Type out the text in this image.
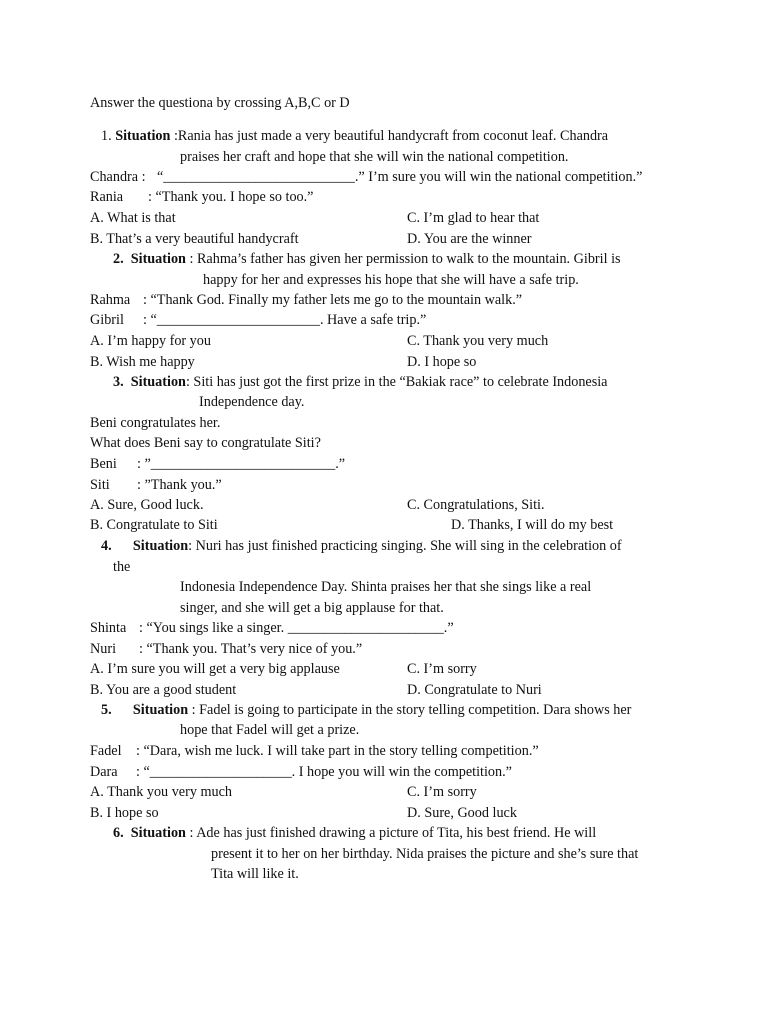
Answer the questiona by crossing A,B,C or D
1. Situation :Rania has just made a very beautiful handycraft from coconut leaf. Chandra
praises her craft and hope that she will win the national competition.
Chandra : “___________________________.” I’m sure you will win the national competition.”
Rania : “Thank you. I hope so too.”
A. What is that	C. I’m glad to hear that
B. That’s a very beautiful handycraft	D. You are the winner
2. Situation : Rahma’s father has given her permission to walk to the mountain. Gibril is
happy for her and expresses his hope that she will have a safe trip.
Rahma : “Thank God. Finally my father lets me go to the mountain walk.”
Gibril : “_______________________. Have a safe trip.”
A. I’m happy for you	C. Thank you very much
B. Wish me happy	D. I hope so
3. Situation: Siti has just got the first prize in the “Bakiak race” to celebrate Indonesia
Independence day.
Beni congratulates her.
What does Beni say to congratulate Siti?
Beni : ”__________________________.”
Siti : ”Thank you.”
A. Sure, Good luck.	C. Congratulations, Siti.
B. Congratulate to Siti	D. Thanks, I will do my best
4. Situation: Nuri has just finished practicing singing. She will sing in the celebration of
the
Indonesia Independence Day. Shinta praises her that she sings like a real
singer, and she will get a big applause for that.
Shinta : “You sings like a singer. ______________________.”
Nuri : “Thank you. That’s very nice of you.”
A. I’m sure you will get a very big applause	C. I’m sorry
B. You are a good student	D. Congratulate to Nuri
5. Situation : Fadel is going to participate in the story telling competition. Dara shows her
hope that Fadel will get a prize.
Fadel : “Dara, wish me luck. I will take part in the story telling competition.”
Dara : “____________________. I hope you will win the competition.”
A. Thank you very much	C. I’m sorry
B. I hope so	D. Sure, Good luck
6. Situation : Ade has just finished drawing a picture of Tita, his best friend. He will
present it to her on her birthday. Nida praises the picture and she’s sure that
Tita will like it.
